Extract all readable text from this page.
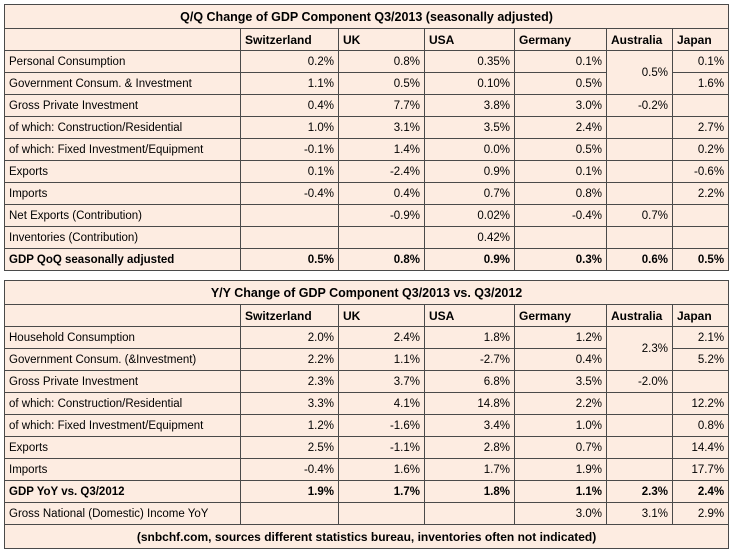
Q/Q Change of GDP Component Q3/2013 (seasonally adjusted)						
	Switzerland	UK	USA	Germany	Australia	Japan
Personal Consumption	0.2%	0.8%	0.35%	0.1%	0.5%	0.1%
Government Consum. & Investment	1.1%	0.5%	0.10%	0.5%		1.6%
Gross Private Investment	0.4%	7.7%	3.8%	3.0%	-0.2%	
of which: Construction/Residential	1.0%	3.1%	3.5%	2.4%		2.7%
of which: Fixed Investment/Equipment	-0.1%	1.4%	0.0%	0.5%		0.2%
Exports	0.1%	-2.4%	0.9%	0.1%		-0.6%
Imports	-0.4%	0.4%	0.7%	0.8%		2.2%
Net Exports (Contribution)		-0.9%	0.02%	-0.4%	0.7%	
Inventories (Contribution)			0.42%			
GDP QoQ seasonally adjusted	0.5%	0.8%	0.9%	0.3%	0.6%	0.5%
Y/Y Change of GDP Component Q3/2013 vs. Q3/2012						
	Switzerland	UK	USA	Germany	Australia	Japan
Household Consumption	2.0%	2.4%	1.8%	1.2%	2.3%	2.1%
Government Consum. (&Investment)	2.2%	1.1%	-2.7%	0.4%		5.2%
Gross Private Investment	2.3%	3.7%	6.8%	3.5%	-2.0%	
of which: Construction/Residential	3.3%	4.1%	14.8%	2.2%		12.2%
of which: Fixed Investment/Equipment	1.2%	-1.6%	3.4%	1.0%		0.8%
Exports	2.5%	-1.1%	2.8%	0.7%		14.4%
Imports	-0.4%	1.6%	1.7%	1.9%		17.7%
GDP YoY vs. Q3/2012	1.9%	1.7%	1.8%	1.1%	2.3%	2.4%
Gross National (Domestic) Income YoY				3.0%	3.1%	2.9%
(snbchf.com, sources different statistics bureau, inventories often not indicated)						
